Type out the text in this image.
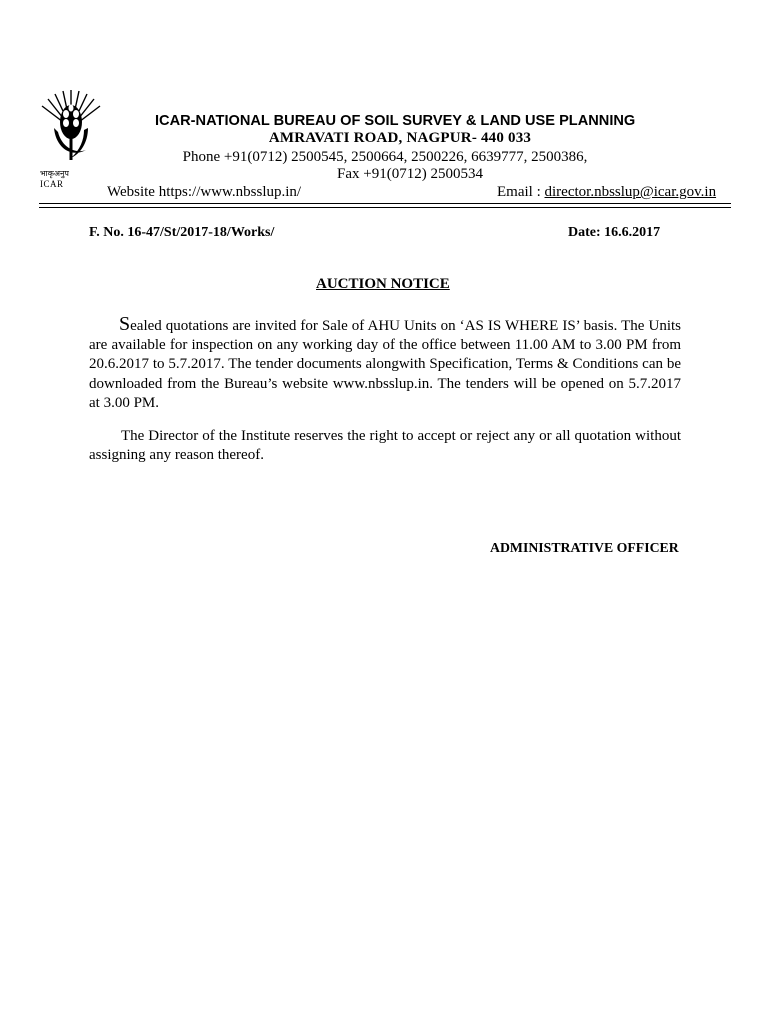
भाकृअनुप
ICAR
ICAR-NATIONAL BUREAU OF SOIL SURVEY & LAND USE PLANNING
AMRAVATI ROAD, NAGPUR- 440 033
Phone +91(0712) 2500545, 2500664, 2500226, 6639777, 2500386,
Fax +91(0712) 2500534
Website https://www.nbsslup.in/	Email : director.nbsslup@icar.gov.in
F. No. 16-47/St/2017-18/Works/	Date: 16.6.2017
AUCTION NOTICE
Sealed quotations are invited for Sale of AHU Units on ‘AS IS WHERE IS’ basis. The Units are available for inspection on any working day of the office between 11.00 AM to 3.00 PM from 20.6.2017 to 5.7.2017. The tender documents alongwith Specification, Terms & Conditions can be downloaded from the Bureau’s website www.nbsslup.in. The tenders will be opened on 5.7.2017 at 3.00 PM.
The Director of the Institute reserves the right to accept or reject any or all quotation without assigning any reason thereof.
ADMINISTRATIVE OFFICER
